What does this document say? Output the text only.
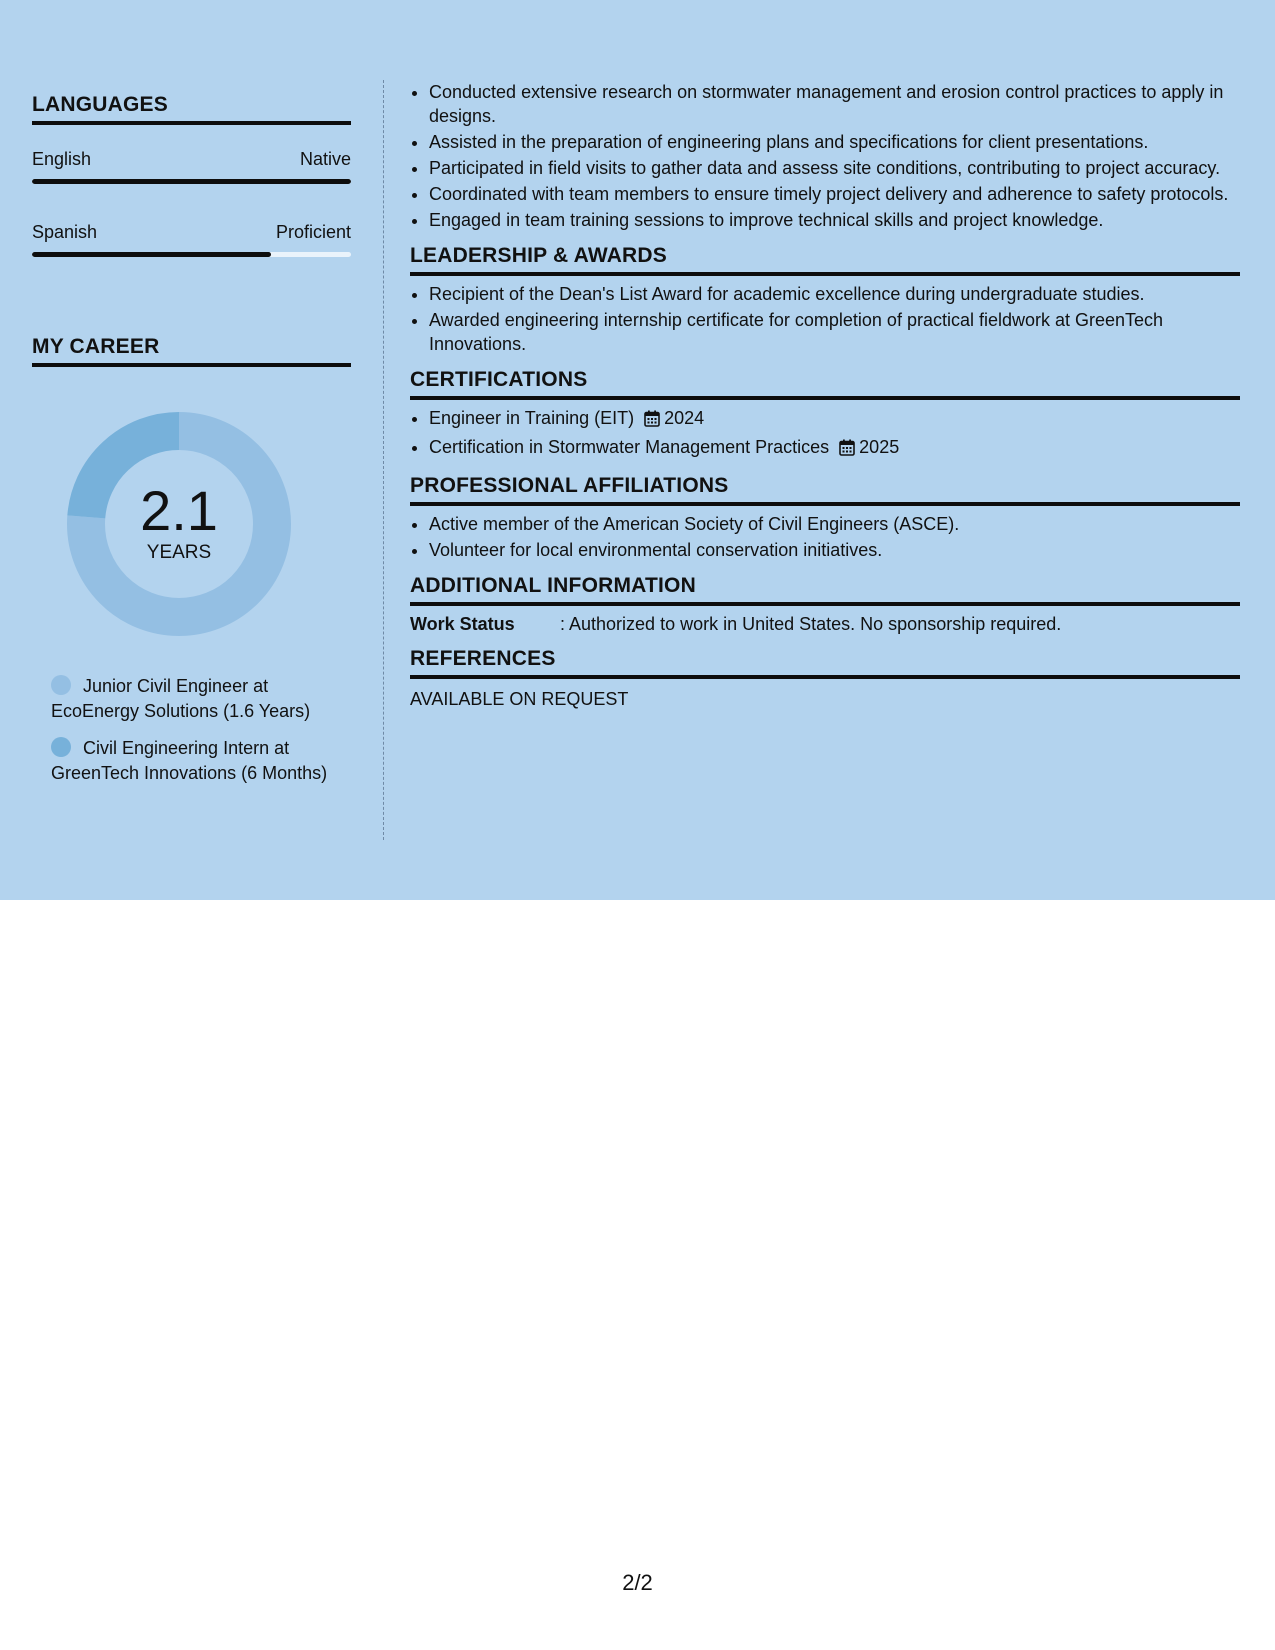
LANGUAGES
English	Native
Spanish	Proficient
MY CAREER
2.1
YEARS
Junior Civil Engineer at EcoEnergy Solutions (1.6 Years)
Civil Engineering Intern at GreenTech Innovations (6 Months)
• Conducted extensive research on stormwater management and erosion control practices to apply in designs.
• Assisted in the preparation of engineering plans and specifications for client presentations.
• Participated in field visits to gather data and assess site conditions, contributing to project accuracy.
• Coordinated with team members to ensure timely project delivery and adherence to safety protocols.
• Engaged in team training sessions to improve technical skills and project knowledge.
LEADERSHIP & AWARDS
• Recipient of the Dean's List Award for academic excellence during undergraduate studies.
• Awarded engineering internship certificate for completion of practical fieldwork at GreenTech Innovations.
CERTIFICATIONS
• Engineer in Training (EIT) 2024
• Certification in Stormwater Management Practices 2025
PROFESSIONAL AFFILIATIONS
• Active member of the American Society of Civil Engineers (ASCE).
• Volunteer for local environmental conservation initiatives.
ADDITIONAL INFORMATION
Work Status	: Authorized to work in United States. No sponsorship required.
REFERENCES
AVAILABLE ON REQUEST
2/2
